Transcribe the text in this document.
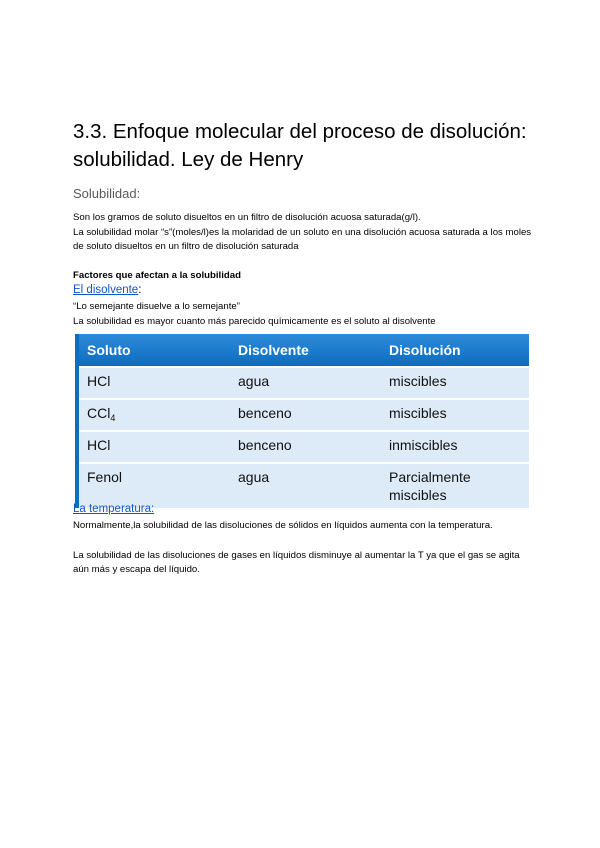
3.3. Enfoque molecular del proceso de disolución: solubilidad. Ley de Henry

Solubilidad:

Son los gramos de soluto disueltos en un filtro de disolución acuosa saturada(g/l).

La solubilidad molar “s”(moles/l)es la molaridad de un soluto en una disolución acuosa saturada a los moles de soluto disueltos en un filtro de disolución saturada

Factores que afectan a la solubilidad

El disolvente:

“Lo semejante disuelve a lo semejante”

La solubilidad es mayor cuanto más parecido químicamente es el soluto al disolvente

Soluto	Disolvente	Disolución
HCl	agua	miscibles
CCl$_4$	benceno	miscibles
HCl	benceno	inmiscibles
Fenol	agua	Parcialmente miscibles

La temperatura:

Normalmente,la solubilidad de las disoluciones de sólidos en líquidos aumenta con la temperatura.

La solubilidad de las disoluciones de gases en líquidos disminuye al aumentar la T ya que el gas se agita aún más y escapa del líquido.
